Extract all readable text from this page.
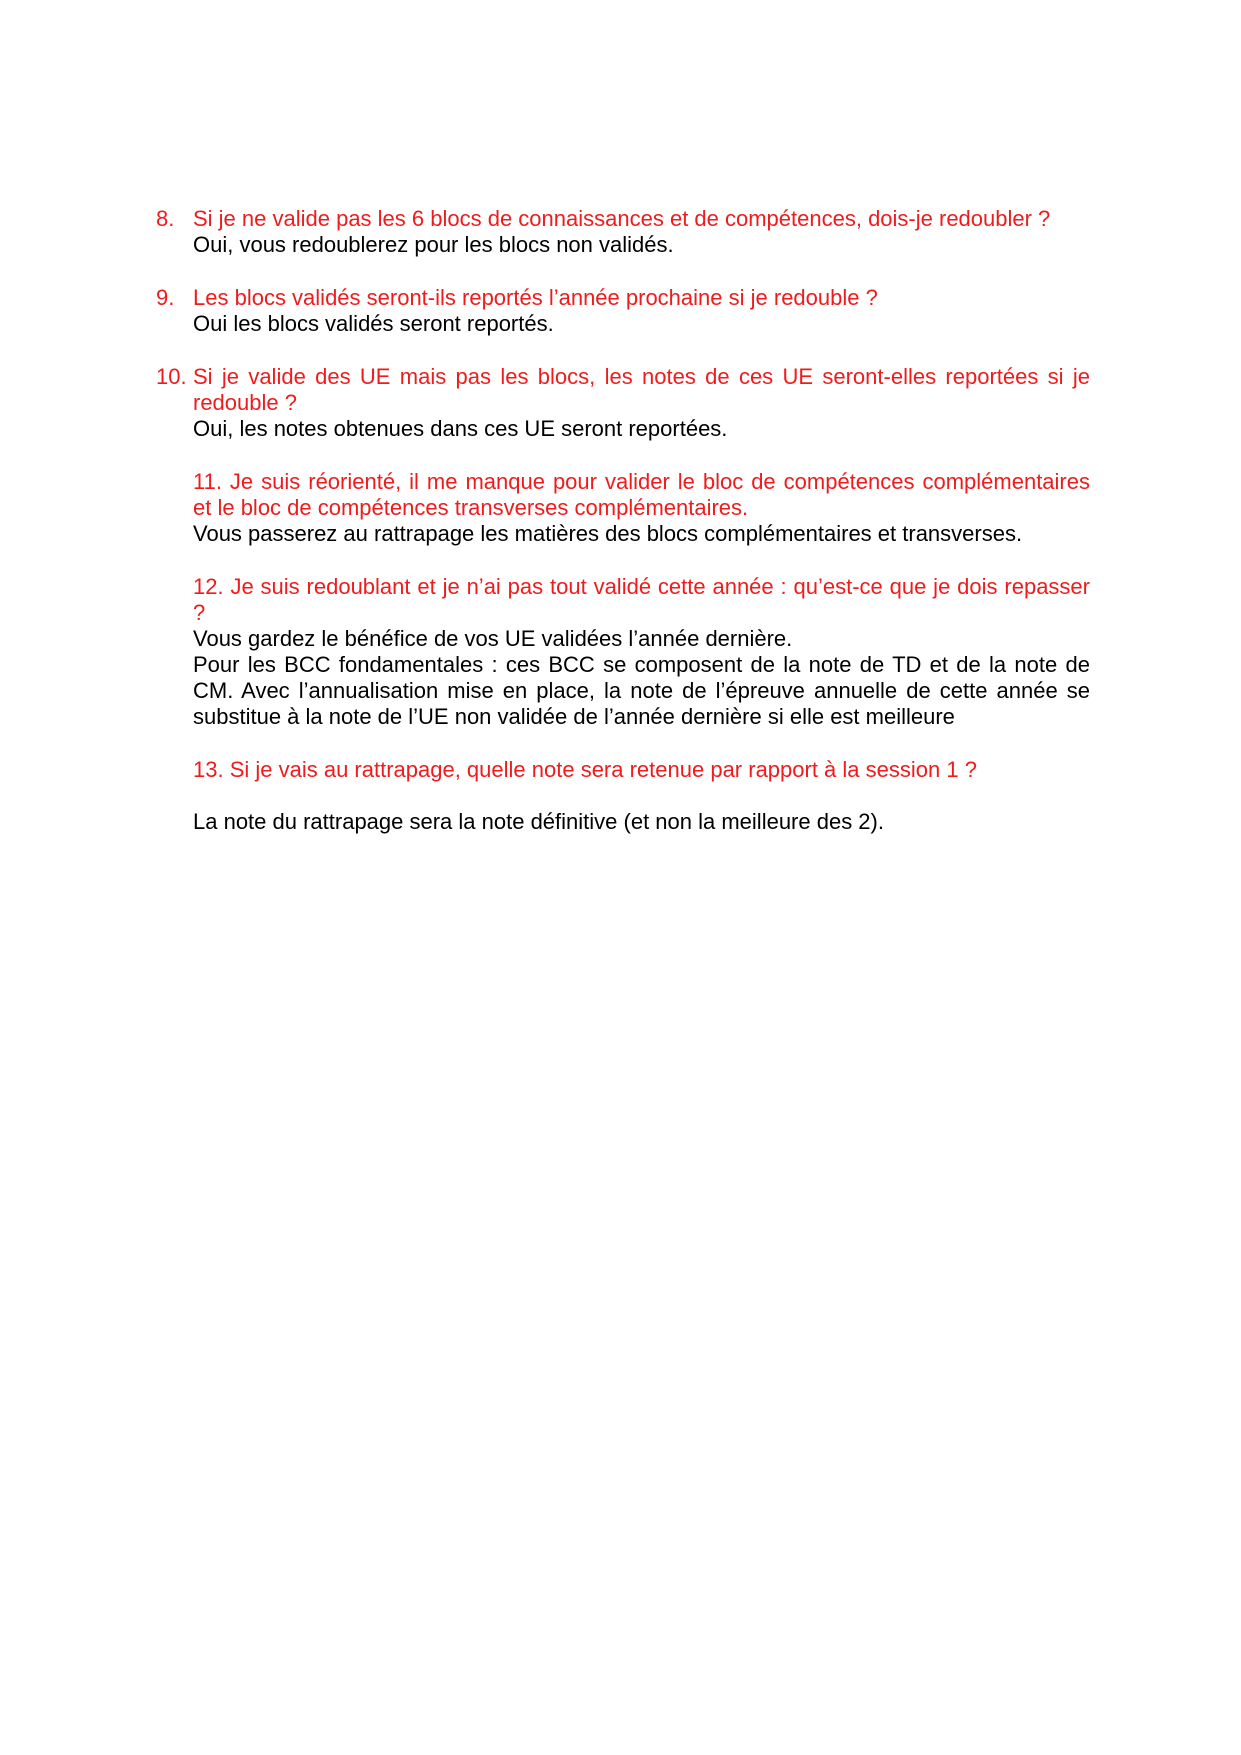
8. Si je ne valide pas les 6 blocs de connaissances et de compétences, dois-je redoubler ?
Oui, vous redoublerez pour les blocs non validés.
9. Les blocs validés seront-ils reportés l’année prochaine si je redouble ?
Oui les blocs validés seront reportés.
10. Si je valide des UE mais pas les blocs, les notes de ces UE seront-elles reportées si je redouble ?
Oui, les notes obtenues dans ces UE seront reportées.
11. Je suis réorienté, il me manque pour valider le bloc de compétences complémentaires et le bloc de compétences transverses complémentaires.
Vous passerez au rattrapage les matières des blocs complémentaires et transverses.
12. Je suis redoublant et je n’ai pas tout validé cette année : qu’est-ce que je dois repasser ?
Vous gardez le bénéfice de vos UE validées l’année dernière.
Pour les BCC fondamentales : ces BCC se composent de la note de TD et de la note de CM. Avec l’annualisation mise en place, la note de l’épreuve annuelle de cette année se substitue à la note de l’UE non validée de l’année dernière si elle est meilleure
13. Si je vais au rattrapage, quelle note sera retenue par rapport à la session 1 ?
La note du rattrapage sera la note définitive (et non la meilleure des 2).
